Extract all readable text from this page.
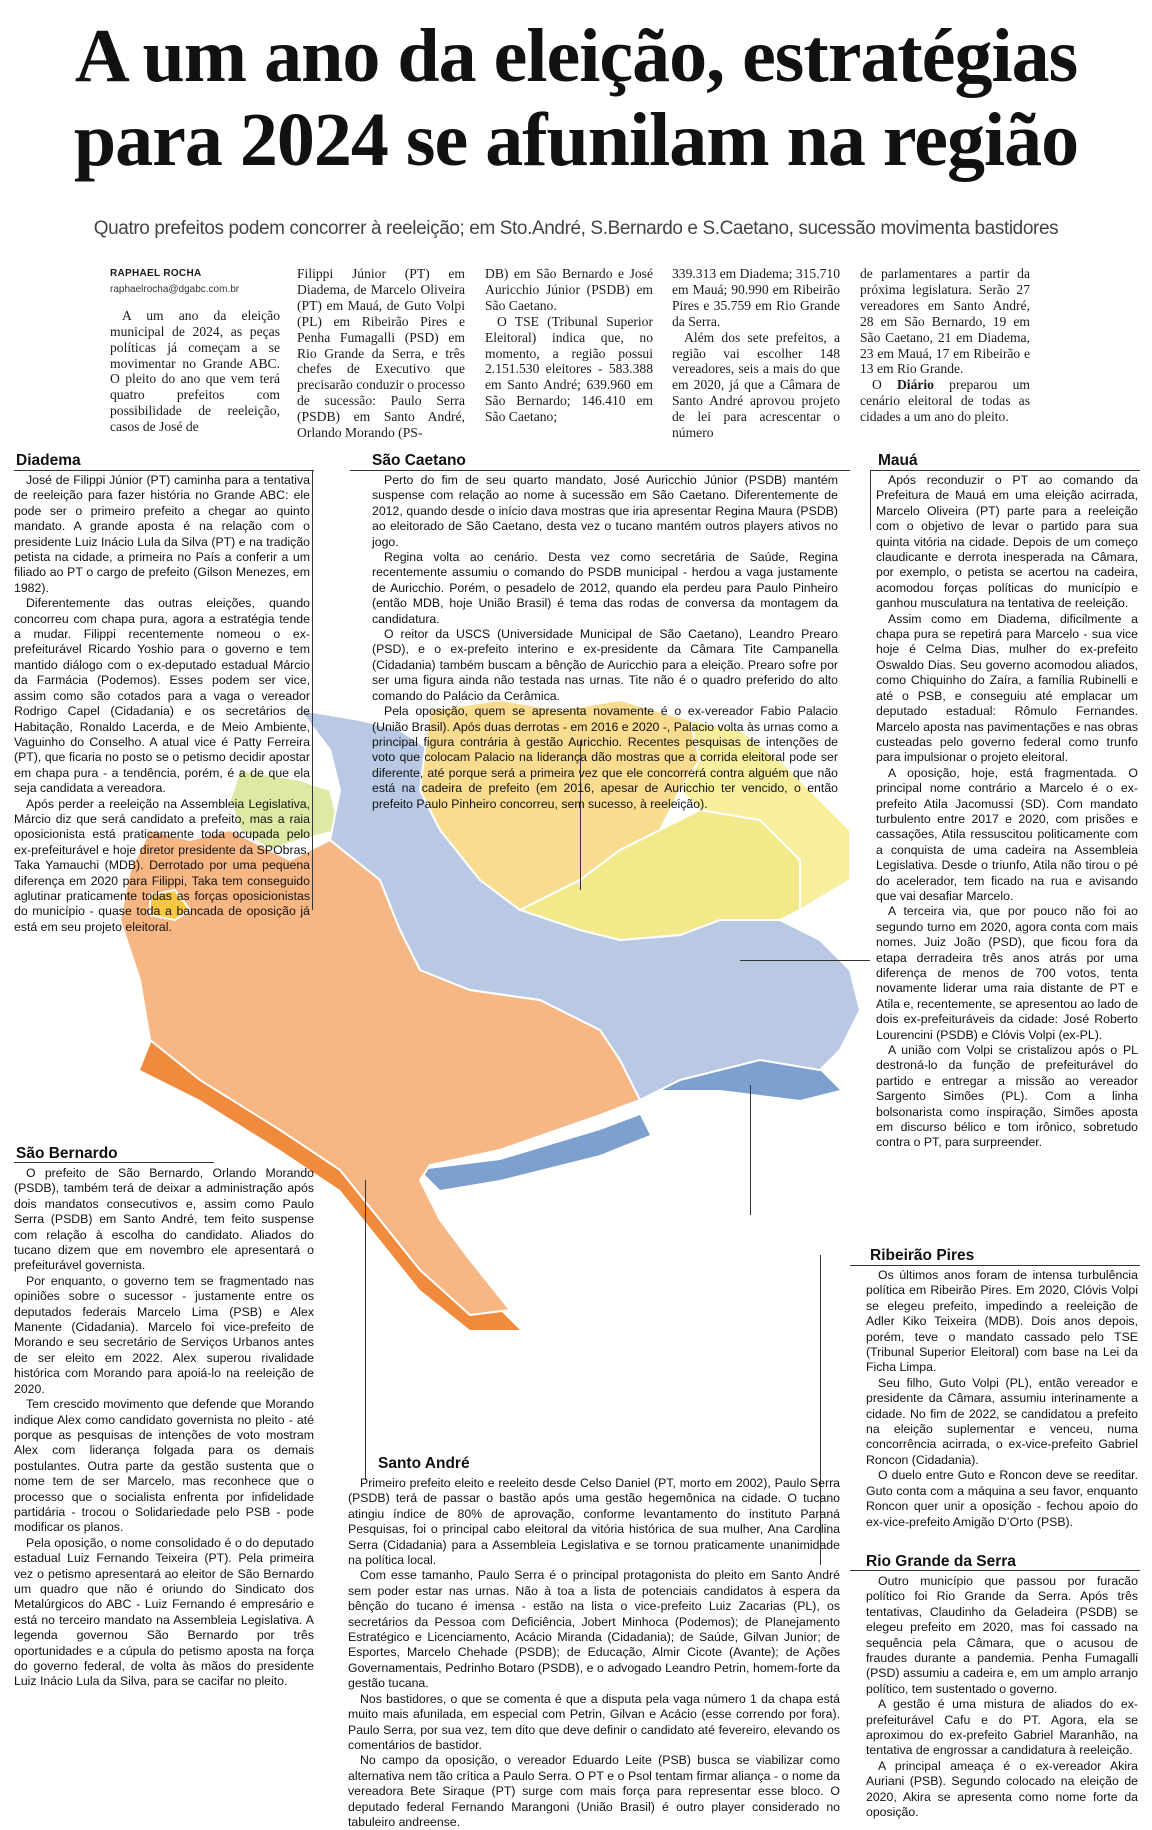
A um ano da eleição, estratégias
para 2024 se afunilam na região
Quatro prefeitos podem concorrer à reeleição; em Sto.André, S.Bernardo e S.Caetano, sucessão movimenta bastidores

RAPHAEL ROCHA

raphaelrocha@dgabc.com.br

A um ano da eleição municipal de 2024, as peças políticas já começam a se movimentar no Grande ABC. O pleito do ano que vem terá quatro prefeitos com possibilidade de reeleição, casos de José de

Filippi Júnior (PT) em Diadema, de Marcelo Oliveira (PT) em Mauá, de Guto Volpi (PL) em Ribeirão Pires e Penha Fumagalli (PSD) em Rio Grande da Serra, e três chefes de Executivo que precisarão conduzir o processo de sucessão: Paulo Serra (PSDB) em Santo André, Orlando Morando (PS-

DB) em São Bernardo e José Auricchio Júnior (PSDB) em São Caetano.

O TSE (Tribunal Superior Eleitoral) indica que, no momento, a região possui 2.151.530 eleitores - 583.388 em Santo André; 639.960 em São Bernardo; 146.410 em São Caetano;

339.313 em Diadema; 315.710 em Mauá; 90.990 em Ribeirão Pires e 35.759 em Rio Grande da Serra.

Além dos sete prefeitos, a região vai escolher 148 vereadores, seis a mais do que em 2020, já que a Câmara de Santo André aprovou projeto de lei para acrescentar o número

de parlamentares a partir da próxima legislatura. Serão 27 vereadores em Santo André, 28 em São Bernardo, 19 em São Caetano, 21 em Diadema, 23 em Mauá, 17 em Ribeirão e 13 em Rio Grande.

O Diário preparou um cenário eleitoral de todas as cidades a um ano do pleito.

Diadema

José de Filippi Júnior (PT) caminha para a tentativa de reeleição para fazer história no Grande ABC: ele pode ser o primeiro prefeito a chegar ao quinto mandato. A grande aposta é na relação com o presidente Luiz Inácio Lula da Silva (PT) e na tradição petista na cidade, a primeira no País a conferir a um filiado ao PT o cargo de prefeito (Gilson Menezes, em 1982).

Diferentemente das outras eleições, quando concorreu com chapa pura, agora a estratégia tende a mudar. Filippi recentemente nomeou o ex-prefeiturável Ricardo Yoshio para o governo e tem mantido diálogo com o ex-deputado estadual Márcio da Farmácia (Podemos). Esses podem ser vice, assim como são cotados para a vaga o vereador Rodrigo Capel (Cidadania) e os secretários de Habitação, Ronaldo Lacerda, e de Meio Ambiente, Vaguinho do Conselho. A atual vice é Patty Ferreira (PT), que ficaria no posto se o petismo decidir apostar em chapa pura - a tendência, porém, é a de que ela seja candidata a vereadora.

Após perder a reeleição na Assembleia Legislativa, Márcio diz que será candidato a prefeito, mas a raia oposicionista está praticamente toda ocupada pelo ex-prefeiturável e hoje diretor presidente da SPObras, Taka Yamauchi (MDB). Derrotado por uma pequena diferença em 2020 para Filippi, Taka tem conseguido aglutinar praticamente todas as forças oposicionistas do município - quase toda a bancada de oposição já está em seu projeto eleitoral.

São Caetano

Perto do fim de seu quarto mandato, José Auricchio Júnior (PSDB) mantém suspense com relação ao nome à sucessão em São Caetano. Diferentemente de 2012, quando desde o início dava mostras que iria apresentar Regina Maura (PSDB) ao eleitorado de São Caetano, desta vez o tucano mantém outros players ativos no jogo.

Regina volta ao cenário. Desta vez como secretária de Saúde, Regina recentemente assumiu o comando do PSDB municipal - herdou a vaga justamente de Auricchio. Porém, o pesadelo de 2012, quando ela perdeu para Paulo Pinheiro (então MDB, hoje União Brasil) é tema das rodas de conversa da montagem da candidatura.

O reitor da USCS (Universidade Municipal de São Caetano), Leandro Prearo (PSD), e o ex-prefeito interino e ex-presidente da Câmara Tite Campanella (Cidadania) também buscam a bênção de Auricchio para a eleição. Prearo sofre por ser uma figura ainda não testada nas urnas. Tite não é o quadro preferido do alto comando do Palácio da Cerâmica.

Pela oposição, quem se apresenta novamente é o ex-vereador Fabio Palacio (União Brasil). Após duas derrotas - em 2016 e 2020 -, Palacio volta às urnas como a principal figura contrária à gestão Auricchio. Recentes pesquisas de intenções de voto que colocam Palacio na liderança dão mostras que a corrida eleitoral pode ser diferente, até porque será a primeira vez que ele concorrerá contra alguém que não está na cadeira de prefeito (em 2016, apesar de Auricchio ter vencido, o então prefeito Paulo Pinheiro concorreu, sem sucesso, à reeleição).

Mauá

Após reconduzir o PT ao comando da Prefeitura de Mauá em uma eleição acirrada, Marcelo Oliveira (PT) parte para a reeleição com o objetivo de levar o partido para sua quinta vitória na cidade. Depois de um começo claudicante e derrota inesperada na Câmara, por exemplo, o petista se acertou na cadeira, acomodou forças políticas do município e ganhou musculatura na tentativa de reeleição.

Assim como em Diadema, dificilmente a chapa pura se repetirá para Marcelo - sua vice hoje é Celma Dias, mulher do ex-prefeito Oswaldo Dias. Seu governo acomodou aliados, como Chiquinho do Zaíra, a família Rubinelli e até o PSB, e conseguiu até emplacar um deputado estadual: Rômulo Fernandes. Marcelo aposta nas pavimentações e nas obras custeadas pelo governo federal como trunfo para impulsionar o projeto eleitoral.

A oposição, hoje, está fragmentada. O principal nome contrário a Marcelo é o ex-prefeito Atila Jacomussi (SD). Com mandato turbulento entre 2017 e 2020, com prisões e cassações, Atila ressuscitou politicamente com a conquista de uma cadeira na Assembleia Legislativa. Desde o triunfo, Atila não tirou o pé do acelerador, tem ficado na rua e avisando que vai desafiar Marcelo.

A terceira via, que por pouco não foi ao segundo turno em 2020, agora conta com mais nomes. Juiz João (PSD), que ficou fora da etapa derradeira três anos atrás por uma diferença de menos de 700 votos, tenta novamente liderar uma raia distante de PT e Atila e, recentemente, se apresentou ao lado de dois ex-prefeituráveis da cidade: José Roberto Lourencini (PSDB) e Clóvis Volpi (ex-PL).

A união com Volpi se cristalizou após o PL destroná-lo da função de prefeiturável do partido e entregar a missão ao vereador Sargento Simões (PL). Com a linha bolsonarista como inspiração, Simões aposta em discurso bélico e tom irônico, sobretudo contra o PT, para surpreender.

São Bernardo

O prefeito de São Bernardo, Orlando Morando (PSDB), também terá de deixar a administração após dois mandatos consecutivos e, assim como Paulo Serra (PSDB) em Santo André, tem feito suspense com relação à escolha do candidato. Aliados do tucano dizem que em novembro ele apresentará o prefeiturável governista.

Por enquanto, o governo tem se fragmentado nas opiniões sobre o sucessor - justamente entre os deputados federais Marcelo Lima (PSB) e Alex Manente (Cidadania). Marcelo foi vice-prefeito de Morando e seu secretário de Serviços Urbanos antes de ser eleito em 2022. Alex superou rivalidade histórica com Morando para apoiá-lo na reeleição de 2020.

Tem crescido movimento que defende que Morando indique Alex como candidato governista no pleito - até porque as pesquisas de intenções de voto mostram Alex com liderança folgada para os demais postulantes. Outra parte da gestão sustenta que o nome tem de ser Marcelo, mas reconhece que o processo que o socialista enfrenta por infidelidade partidária - trocou o Solidariedade pelo PSB - pode modificar os planos.

Pela oposição, o nome consolidado é o do deputado estadual Luiz Fernando Teixeira (PT). Pela primeira vez o petismo apresentará ao eleitor de São Bernardo um quadro que não é oriundo do Sindicato dos Metalúrgicos do ABC - Luiz Fernando é empresário e está no terceiro mandato na Assembleia Legislativa. A legenda governou São Bernardo por três oportunidades e a cúpula do petismo aposta na força do governo federal, de volta às mãos do presidente Luiz Inácio Lula da Silva, para se cacifar no pleito.

Ribeirão Pires

Os últimos anos foram de intensa turbulência política em Ribeirão Pires. Em 2020, Clóvis Volpi se elegeu prefeito, impedindo a reeleição de Adler Kiko Teixeira (MDB). Dois anos depois, porém, teve o mandato cassado pelo TSE (Tribunal Superior Eleitoral) com base na Lei da Ficha Limpa.

Seu filho, Guto Volpi (PL), então vereador e presidente da Câmara, assumiu interinamente a cidade. No fim de 2022, se candidatou a prefeito na eleição suplementar e venceu, numa concorrência acirrada, o ex-vice-prefeito Gabriel Roncon (Cidadania).

O duelo entre Guto e Roncon deve se reeditar. Guto conta com a máquina a seu favor, enquanto Roncon quer unir a oposição - fechou apoio do ex-vice-prefeito Amigão D’Orto (PSB).

Santo André

Primeiro prefeito eleito e reeleito desde Celso Daniel (PT, morto em 2002), Paulo Serra (PSDB) terá de passar o bastão após uma gestão hegemônica na cidade. O tucano atingiu índice de 80% de aprovação, conforme levantamento do instituto Paraná Pesquisas, foi o principal cabo eleitoral da vitória histórica de sua mulher, Ana Carolina Serra (Cidadania) para a Assembleia Legislativa e se tornou praticamente unanimidade na política local.

Com esse tamanho, Paulo Serra é o principal protagonista do pleito em Santo André sem poder estar nas urnas. Não à toa a lista de potenciais candidatos à espera da bênção do tucano é imensa - estão na lista o vice-prefeito Luiz Zacarias (PL), os secretários da Pessoa com Deficiência, Jobert Minhoca (Podemos); de Planejamento Estratégico e Licenciamento, Acácio Miranda (Cidadania); de Saúde, Gilvan Junior; de Esportes, Marcelo Chehade (PSDB); de Educação, Almir Cicote (Avante); de Ações Governamentais, Pedrinho Botaro (PSDB), e o advogado Leandro Petrin, homem-forte da gestão tucana.

Nos bastidores, o que se comenta é que a disputa pela vaga número 1 da chapa está muito mais afunilada, em especial com Petrin, Gilvan e Acácio (esse correndo por fora). Paulo Serra, por sua vez, tem dito que deve definir o candidato até fevereiro, elevando os comentários de bastidor.

No campo da oposição, o vereador Eduardo Leite (PSB) busca se viabilizar como alternativa nem tão crítica a Paulo Serra. O PT e o Psol tentam firmar aliança - o nome da vereadora Bete Siraque (PT) surge com mais força para representar esse bloco. O deputado federal Fernando Marangoni (União Brasil) é outro player considerado no tabuleiro andreense.

Rio Grande da Serra

Outro município que passou por furacão político foi Rio Grande da Serra. Após três tentativas, Claudinho da Geladeira (PSDB) se elegeu prefeito em 2020, mas foi cassado na sequência pela Câmara, que o acusou de fraudes durante a pandemia. Penha Fumagalli (PSD) assumiu a cadeira e, em um amplo arranjo político, tem sustentado o governo.

A gestão é uma mistura de aliados do ex-prefeiturável Cafu e do PT. Agora, ela se aproximou do ex-prefeito Gabriel Maranhão, na tentativa de engrossar a candidatura à reeleição.

A principal ameaça é o ex-vereador Akira Auriani (PSB). Segundo colocado na eleição de 2020, Akira se apresenta como nome forte da oposição.
